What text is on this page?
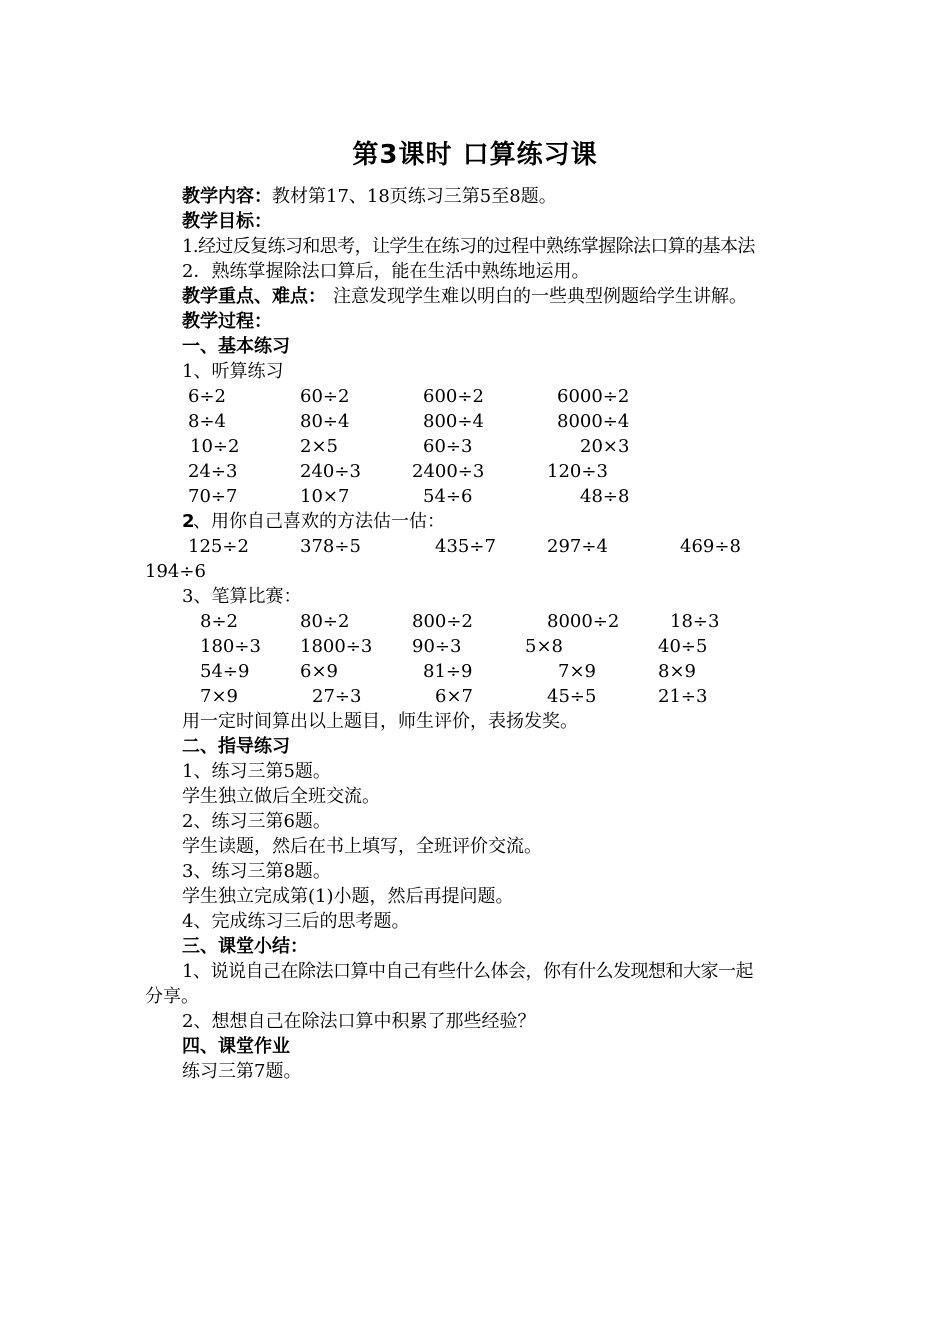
第3课时 口算练习课
教学内容： 教材第17、18页练习三第5至8题。
教学目标：
1.经过反复练习和思考，让学生在练习的过程中熟练掌握除法口算的基本法
2．熟练掌握除法口算后，能在生活中熟练地运用。
教学重点、难点： 注意发现学生难以明白的一些典型例题给学生讲解。
教学过程：
一、基本练习
1、听算练习
6÷2	60÷2	600÷2	6000÷2
8÷4	80÷4	800÷4	8000÷4
10÷2	2×5	60÷3	20×3
24÷3	240÷3	2400÷3	120÷3
70÷7	10×7	54÷6	48÷8
2
、用你自己喜欢的方法估一估：
125÷2	378÷5	435÷7	297÷4	469÷8
194÷6
3、笔算比赛：
8÷2	80÷2	800÷2	8000÷2	18÷3
180÷3 1800÷3 90÷3	5×8	40÷5
54÷9	6×9	81÷9	7×9	8×9
7×9	27÷3	6×7	45÷5	21÷3
用一定时间算出以上题目，师生评价，表扬发奖。
二、指导练习
1、练习三第5题。
学生独立做后全班交流。
2、练习三第6题。
学生读题，然后在书上填写，全班评价交流。
3、练习三第8题。
学生独立完成第(1)小题，然后再提问题。
4、完成练习三后的思考题。
三、课堂小结：
1、说说自己在除法口算中自己有些什么体会，你有什么发现想和大家一起
分享。
2、想想自己在除法口算中积累了那些经验？
四、课堂作业
练习三第7题。
